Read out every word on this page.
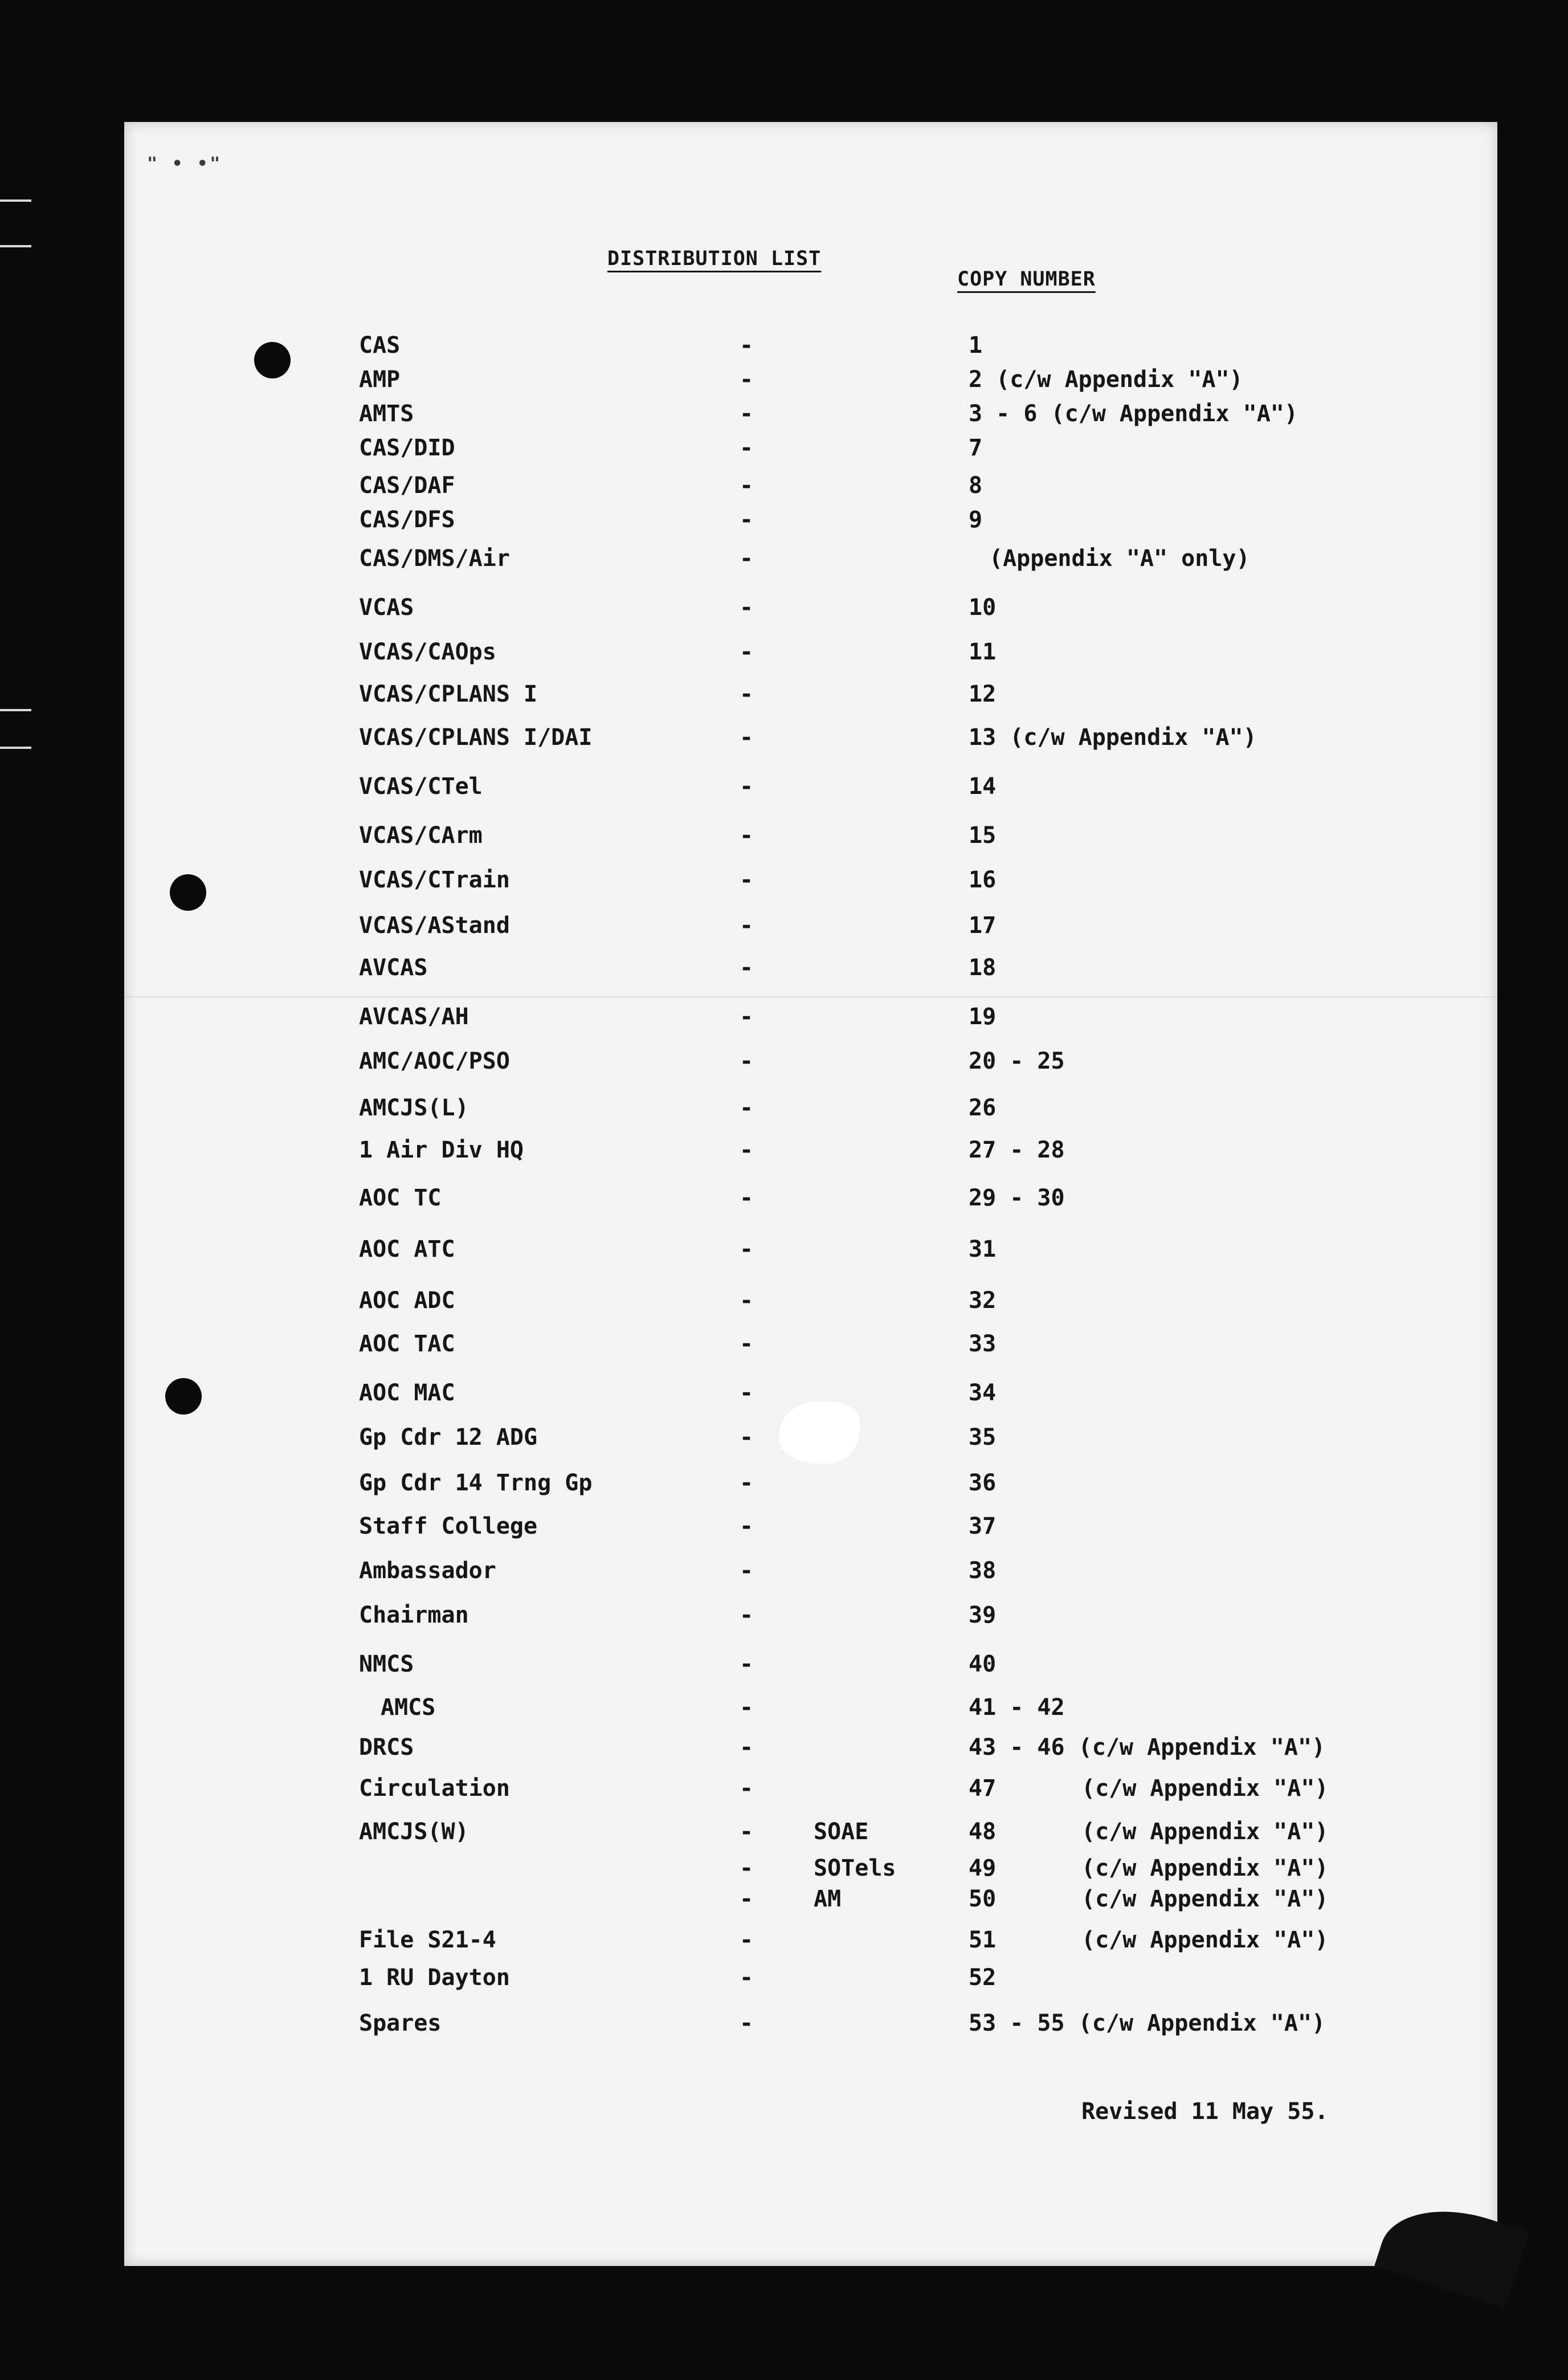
" • •"
DISTRIBUTION LIST
COPY NUMBER
CAS	-	1
AMP	-	2 (c/w Appendix "A")
AMTS	-	3 - 6 (c/w Appendix "A")
CAS/DID	-	7
CAS/DAF	-	8
CAS/DFS	-	9
CAS/DMS/Air	-	(Appendix "A" only)
VCAS	-	10
VCAS/CAOps	-	11
VCAS/CPLANS I	-	12
VCAS/CPLANS I/DAI	-	13 (c/w Appendix "A")
VCAS/CTel	-	14
VCAS/CArm	-	15
VCAS/CTrain	-	16
VCAS/AStand	-	17
AVCAS	-	18
AVCAS/AH	-	19
AMC/AOC/PSO	-	20 - 25
AMCJS(L)	-	26
1 Air Div HQ	-	27 - 28
AOC TC	-	29 - 30
AOC ATC	-	31
AOC ADC	-	32
AOC TAC	-	33
AOC MAC	-	34
Gp Cdr 12 ADG	-	35
Gp Cdr 14 Trng Gp	-	36
Staff College	-	37
Ambassador	-	38
Chairman	-	39
NMCS	-	40
AMCS	-	41 - 42
DRCS	-	43 - 46 (c/w Appendix "A")
Circulation	-	47	(c/w Appendix "A")
AMCJS(W)	-	SOAE	48	(c/w Appendix "A")
-	SOTels	49	(c/w Appendix "A")
-	AM	50	(c/w Appendix "A")
File S21-4	-	51	(c/w Appendix "A")
1 RU Dayton	-	52
Spares	-	53 - 55 (c/w Appendix "A")
Revised 11 May 55.
